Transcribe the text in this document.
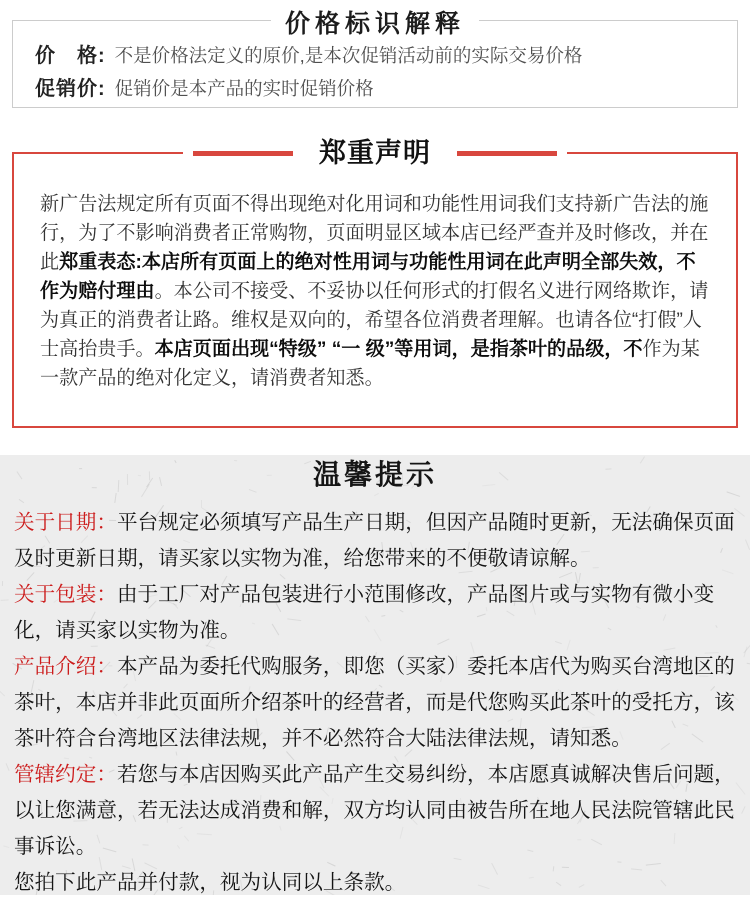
价格标识解释
价　格: 不是价格法定义的原价,是本次促销活动前的实际交易价格
促销价: 促销价是本产品的实时促销价格
郑重声明

新广告法规定所有页面不得出现绝对化用词和功能性用词我们支持新广告法的施行，为了不影响消费者正常购物，页面明显区域本店已经严查并及时修改，并在此郑重表态:本店所有页面上的绝对性用词与功能性用词在此声明全部失效，不作为赔付理由。本公司不接受、不妥协以任何形式的打假名义进行网络欺诈，请为真正的消费者让路。维权是双向的，希望各位消费者理解。也请各位“打假”人士高抬贵手。本店页面出现“特级” “一 级”等用词，是指茶叶的品级，不作为某一款产品的绝对化定义，请消费者知悉。

温馨提示

关于日期：平台规定必须填写产品生产日期，但因产品随时更新，无法确保页面及时更新日期，请买家以实物为准，给您带来的不便敬请谅解。

关于包装：由于工厂对产品包装进行小范围修改，产品图片或与实物有微小变化，请买家以实物为准。

产品介绍：本产品为委托代购服务，即您（买家）委托本店代为购买台湾地区的茶叶，本店并非此页面所介绍茶叶的经营者，而是代您购买此茶叶的受托方，该茶叶符合台湾地区法律法规，并不必然符合大陆法律法规，请知悉。

管辖约定：若您与本店因购买此产品产生交易纠纷，本店愿真诚解决售后问题，以让您满意，若无法达成消费和解，双方均认同由被告所在地人民法院管辖此民事诉讼。

您拍下此产品并付款，视为认同以上条款。
